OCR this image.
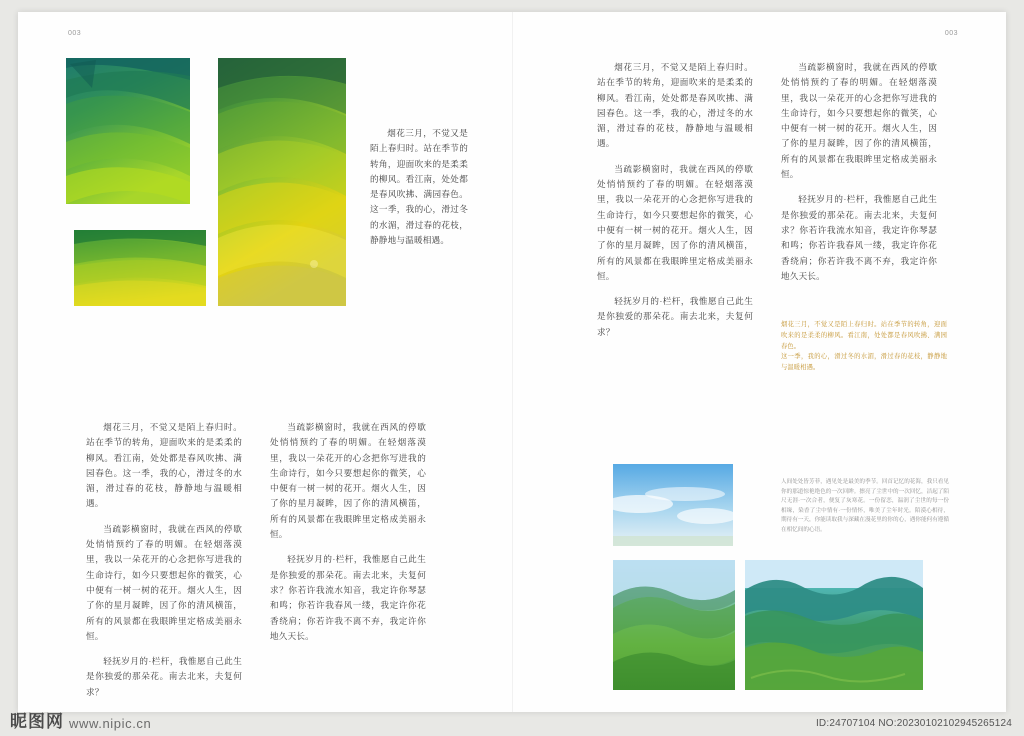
003

烟花三月，不觉又是陌上春归时。站在季节的转角，迎面吹来的是柔柔的柳风。看江南，处处都是春风吹拂、满园春色。这一季，我的心，滑过冬的水湄，滑过春的花枝，静静地与温暖相遇。

烟花三月，不觉又是陌上春归时。站在季节的转角，迎面吹来的是柔柔的柳风。看江南，处处都是春风吹拂、满园春色。这一季，我的心，滑过冬的水湄，滑过春的花枝，静静地与温暖相遇。

当疏影横窗时，我就在西风的停歇处悄悄预约了春的明媚。在轻烟落漠里，我以一朵花开的心念把你写进我的生命诗行，如今只要想起你的微笑，心中便有一树一树的花开。烟火人生，因了你的星月凝眸，因了你的清风横笛，所有的风景都在我眼眸里定格成美丽永恒。

轻抚岁月的·栏杆，我惟愿自己此生是你独爱的那朵花。南去北来，夫复何求？

当疏影横窗时，我就在西风的停歇处悄悄预约了春的明媚。在轻烟落漠里，我以一朵花开的心念把你写进我的生命诗行，如今只要想起你的微笑，心中便有一树一树的花开。烟火人生，因了你的星月凝眸，因了你的清风横笛，所有的风景都在我眼眸里定格成美丽永恒。

轻抚岁月的·栏杆，我惟愿自己此生是你独爱的那朵花。南去北来，夫复何求？你若许我流水知音，我定许你琴瑟和鸣；你若许我春风一缕，我定许你花香绕肩；你若许我不离不弃，我定许你地久天长。

003

烟花三月，不觉又是陌上春归时。站在季节的转角，迎面吹来的是柔柔的柳风。看江南，处处都是春风吹拂、满园春色。这一季，我的心，滑过冬的水湄，滑过春的花枝，静静地与温暖相遇。

当疏影横窗时，我就在西风的停歇处悄悄预约了春的明媚。在轻烟落漠里，我以一朵花开的心念把你写进我的生命诗行，如今只要想起你的微笑，心中便有一树一树的花开。烟火人生，因了你的星月凝眸，因了你的清风横笛，所有的风景都在我眼眸里定格成美丽永恒。

轻抚岁月的·栏杆，我惟愿自己此生是你独爱的那朵花。南去北来，夫复何求？

当疏影横窗时，我就在西风的停歇处悄悄预约了春的明媚。在轻烟落漠里，我以一朵花开的心念把你写进我的生命诗行，如今只要想起你的微笑，心中便有一树一树的花开。烟火人生，因了你的星月凝眸，因了你的清风横笛，所有的风景都在我眼眸里定格成美丽永恒。

轻抚岁月的·栏杆，我惟愿自己此生是你独爱的那朵花。南去北来，夫复何求？你若许我流水知音，我定许你琴瑟和鸣；你若许我春风一缕，我定许你花香绕肩；你若许我不离不弃，我定许你地久天长。

烟花三月，不觉又是陌上春归时。站在季节的转角，迎面吹来的是柔柔的柳风。看江南，处处都是春风吹拂、满园春色。

这一季，我的心，滑过冬的水湄，滑过春的花枝，静静地与温暖相遇。

人间处处皆芳菲，遇见处是最美的季节。回首记忆的花海，我只看见你的那道惊艳绝色的一次回眸。擦亮了尘世中的一次回忆，洁起了陌尺无涯·一次合者，便复了灰寒花。一份留恋，温润了尘世的每一份相缘，染香了尘中情有·一份情怀，唯美了尘年时光。陌漠心相待，期待有一天，你能读取我与深藏在漫花里的你的心，遇你能何有遵循在相忆间的心语。

昵图网 www.nipic.cn	ID:24707104 NO:20230102102945265124
